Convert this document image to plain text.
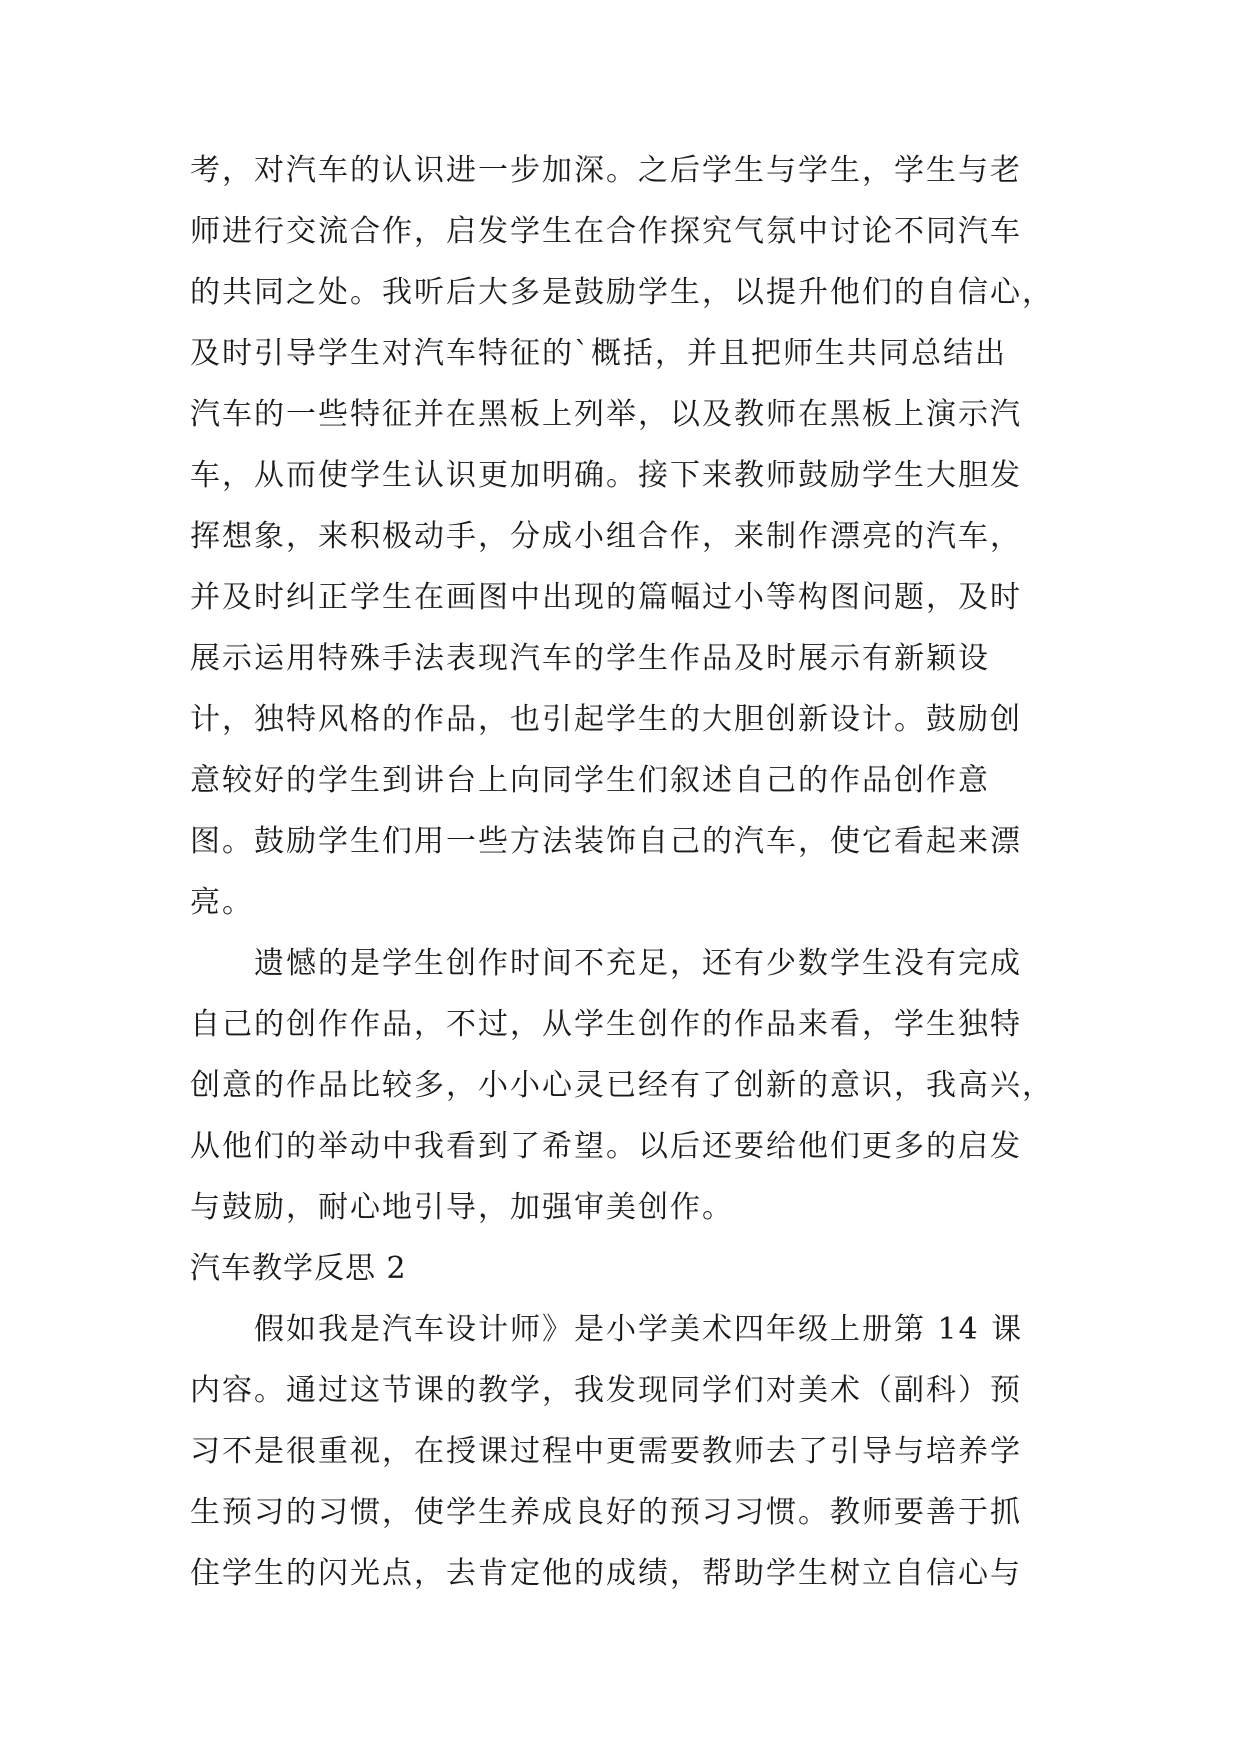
考，对汽车的认识进一步加深。之后学生与学生，学生与老
师进行交流合作，启发学生在合作探究气氛中讨论不同汽车
的共同之处。我听后大多是鼓励学生，以提升他们的自信心，
及时引导学生对汽车特征的`概括，并且把师生共同总结出
汽车的一些特征并在黑板上列举，以及教师在黑板上演示汽
车，从而使学生认识更加明确。接下来教师鼓励学生大胆发
挥想象，来积极动手，分成小组合作，来制作漂亮的汽车，
并及时纠正学生在画图中出现的篇幅过小等构图问题，及时
展示运用特殊手法表现汽车的学生作品及时展示有新颖设
计，独特风格的作品，也引起学生的大胆创新设计。鼓励创
意较好的学生到讲台上向同学生们叙述自己的作品创作意
图。鼓励学生们用一些方法装饰自己的汽车，使它看起来漂
亮。
遗憾的是学生创作时间不充足，还有少数学生没有完成
自己的创作作品，不过，从学生创作的作品来看，学生独特
创意的作品比较多，小小心灵已经有了创新的意识，我高兴，
从他们的举动中我看到了希望。以后还要给他们更多的启发
与鼓励，耐心地引导，加强审美创作。
汽车教学反思 2
假如我是汽车设计师》是小学美术四年级上册第 14 课
内容。通过这节课的教学，我发现同学们对美术（副科）预
习不是很重视，在授课过程中更需要教师去了引导与培养学
生预习的习惯，使学生养成良好的预习习惯。教师要善于抓
住学生的闪光点，去肯定他的成绩，帮助学生树立自信心与
